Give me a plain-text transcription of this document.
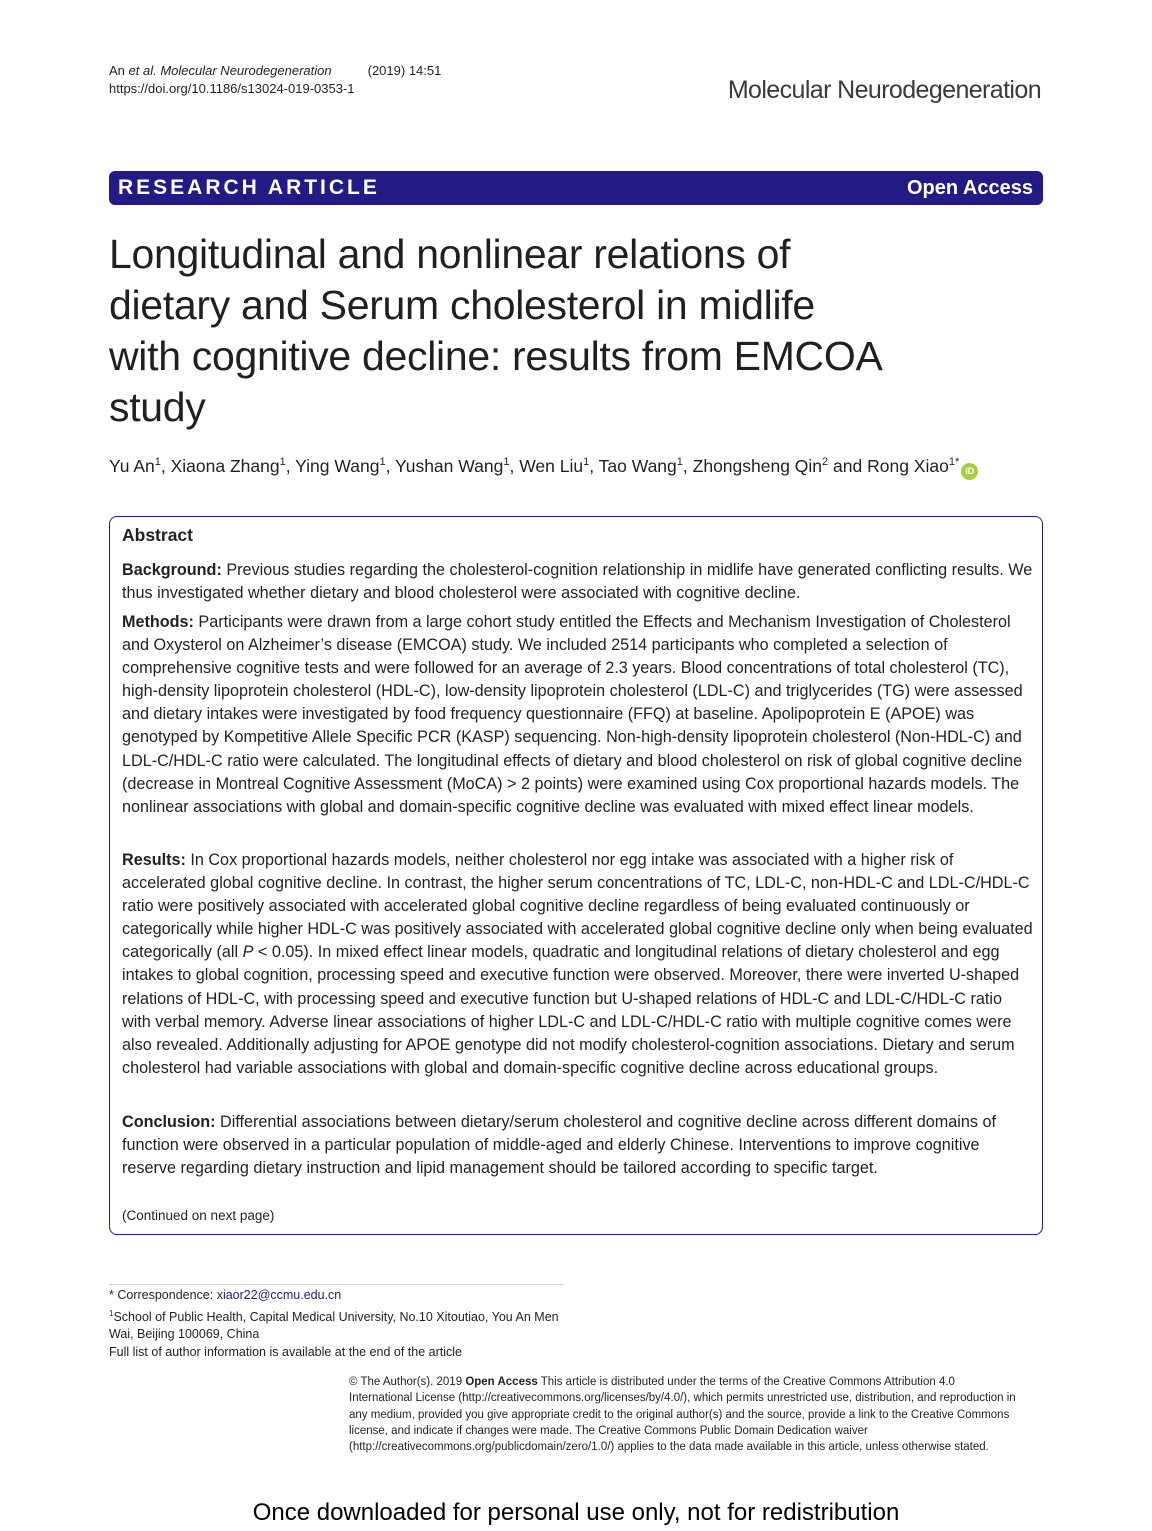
An et al. Molecular Neurodegeneration	(2019) 14:51
https://doi.org/10.1186/s13024-019-0353-1	Molecular Neurodegeneration
RESEARCH ARTICLE	Open Access
Longitudinal and nonlinear relations of
dietary and Serum cholesterol in midlife
with cognitive decline: results from EMCOA
study
Yu An$^1$, Xiaona Zhang$^1$, Ying Wang$^1$, Yushan Wang$^1$, Wen Liu$^1$, Tao Wang$^1$, Zhongsheng Qin$^2$ and Rong Xiao$^{1*}$iD
Abstract

Background: Previous studies regarding the cholesterol-cognition relationship in midlife have generated conflicting results. We thus investigated whether dietary and blood cholesterol were associated with cognitive decline.

Methods: Participants were drawn from a large cohort study entitled the Effects and Mechanism Investigation of Cholesterol and Oxysterol on Alzheimer’s disease (EMCOA) study. We included 2514 participants who completed a selection of comprehensive cognitive tests and were followed for an average of 2.3 years. Blood concentrations of total cholesterol (TC), high-density lipoprotein cholesterol (HDL-C), low-density lipoprotein cholesterol (LDL-C) and triglycerides (TG) were assessed and dietary intakes were investigated by food frequency questionnaire (FFQ) at baseline. Apolipoprotein E (APOE) was genotyped by Kompetitive Allele Specific PCR (KASP) sequencing. Non-high-density lipoprotein cholesterol (Non-HDL-C) and LDL-C/HDL-C ratio were calculated. The longitudinal effects of dietary and blood cholesterol on risk of global cognitive decline (decrease in Montreal Cognitive Assessment (MoCA) > 2 points) were examined using Cox proportional hazards models. The nonlinear associations with global and domain-specific cognitive decline was evaluated with mixed effect linear models.

Results: In Cox proportional hazards models, neither cholesterol nor egg intake was associated with a higher risk of accelerated global cognitive decline. In contrast, the higher serum concentrations of TC, LDL-C, non-HDL-C and LDL-C/HDL-C ratio were positively associated with accelerated global cognitive decline regardless of being evaluated continuously or categorically while higher HDL-C was positively associated with accelerated global cognitive decline only when being evaluated categorically (all P < 0.05). In mixed effect linear models, quadratic and longitudinal relations of dietary cholesterol and egg intakes to global cognition, processing speed and executive function were observed. Moreover, there were inverted U-shaped relations of HDL-C, with processing speed and executive function but U-shaped relations of HDL-C and LDL-C/HDL-C ratio with verbal memory. Adverse linear associations of higher LDL-C and LDL-C/HDL-C ratio with multiple cognitive comes were also revealed. Additionally adjusting for APOE genotype did not modify cholesterol-cognition associations. Dietary and serum cholesterol had variable associations with global and domain-specific cognitive decline across educational groups.

Conclusion: Differential associations between dietary/serum cholesterol and cognitive decline across different domains of function were observed in a particular population of middle-aged and elderly Chinese. Interventions to improve cognitive reserve regarding dietary instruction and lipid management should be tailored according to specific target.

(Continued on next page)
* Correspondence: xiaor22@ccmu.edu.cn
$^1$School of Public Health, Capital Medical University, No.10 Xitoutiao, You An Men Wai, Beijing 100069, China
Full list of author information is available at the end of the article
© The Author(s). 2019 Open Access This article is distributed under the terms of the Creative Commons Attribution 4.0 International License (http://creativecommons.org/licenses/by/4.0/), which permits unrestricted use, distribution, and reproduction in any medium, provided you give appropriate credit to the original author(s) and the source, provide a link to the Creative Commons license, and indicate if changes were made. The Creative Commons Public Domain Dedication waiver (http://creativecommons.org/publicdomain/zero/1.0/) applies to the data made available in this article, unless otherwise stated.
Once downloaded for personal use only, not for redistribution
